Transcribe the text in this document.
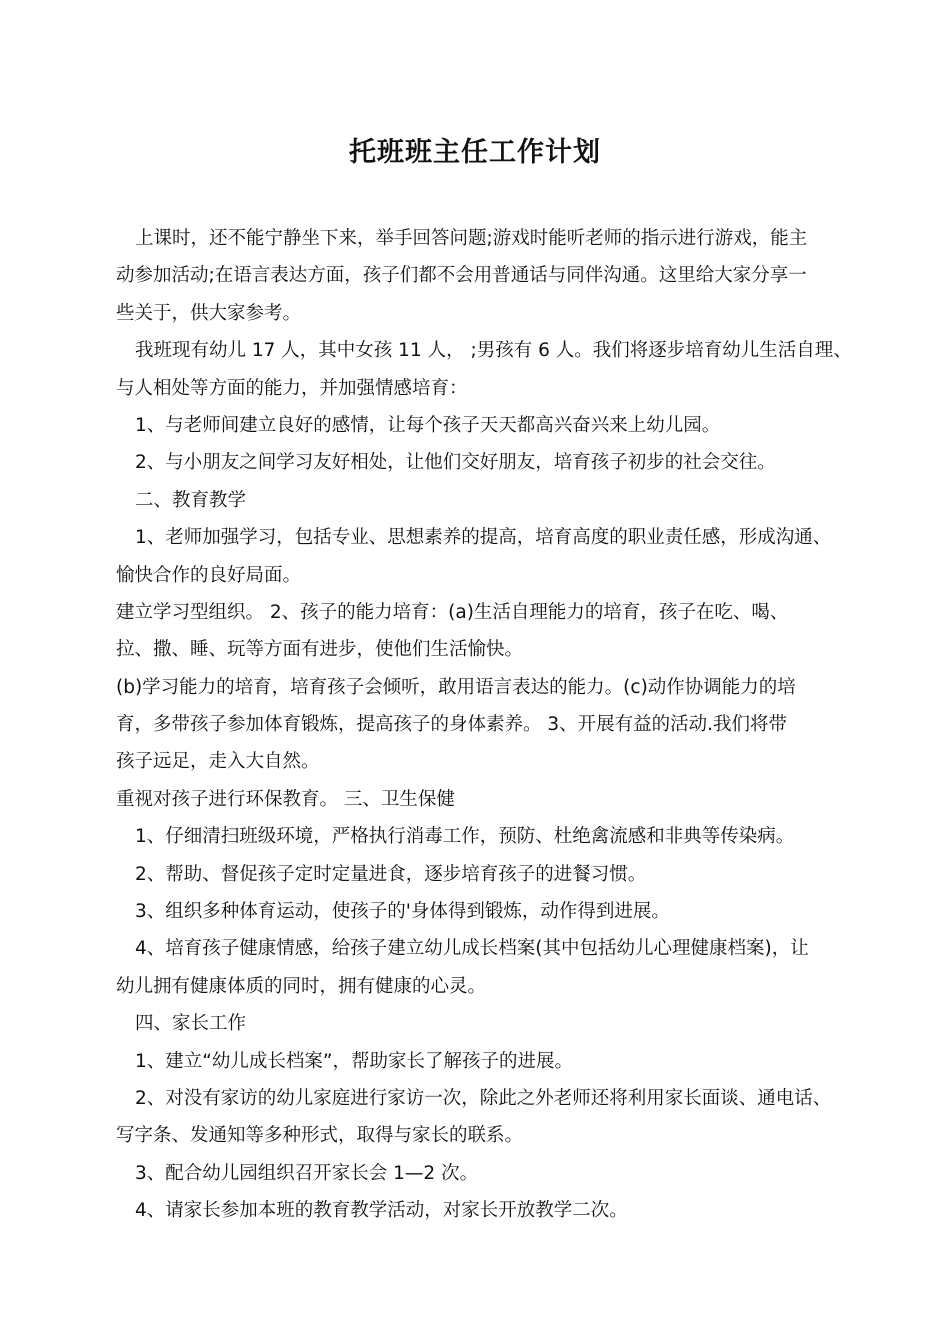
托班班主任工作计划
上课时，还不能宁静坐下来，举手回答问题;游戏时能听老师的指示进行游戏，能主
动参加活动;在语言表达方面，孩子们都不会用普通话与同伴沟通。这里给大家分享一
些关于，供大家参考。
我班现有幼儿 17 人，其中女孩 11 人， ;男孩有 6 人。我们将逐步培育幼儿生活自理、
与人相处等方面的能力，并加强情感培育：
1、与老师间建立良好的感情，让每个孩子天天都高兴奋兴来上幼儿园。
2、与小朋友之间学习友好相处，让他们交好朋友，培育孩子初步的社会交往。
二、教育教学
1、老师加强学习，包括专业、思想素养的提高，培育高度的职业责任感，形成沟通、
愉快合作的良好局面。
建立学习型组织。 2、孩子的能力培育：(a)生活自理能力的培育，孩子在吃、喝、
拉、撒、睡、玩等方面有进步，使他们生活愉快。
(b)学习能力的培育，培育孩子会倾听，敢用语言表达的能力。(c)动作协调能力的培
育，多带孩子参加体育锻炼，提高孩子的身体素养。 3、开展有益的活动.我们将带
孩子远足，走入大自然。
重视对孩子进行环保教育。 三、卫生保健
1、仔细清扫班级环境，严格执行消毒工作，预防、杜绝禽流感和非典等传染病。
2、帮助、督促孩子定时定量进食，逐步培育孩子的进餐习惯。
3、组织多种体育运动，使孩子的'身体得到锻炼，动作得到进展。
4、培育孩子健康情感，给孩子建立幼儿成长档案(其中包括幼儿心理健康档案)，让
幼儿拥有健康体质的同时，拥有健康的心灵。
四、家长工作
1、建立“幼儿成长档案”，帮助家长了解孩子的进展。
2、对没有家访的幼儿家庭进行家访一次，除此之外老师还将利用家长面谈、通电话、
写字条、发通知等多种形式，取得与家长的联系。
3、配合幼儿园组织召开家长会 1—2 次。
4、请家长参加本班的教育教学活动，对家长开放教学二次。
